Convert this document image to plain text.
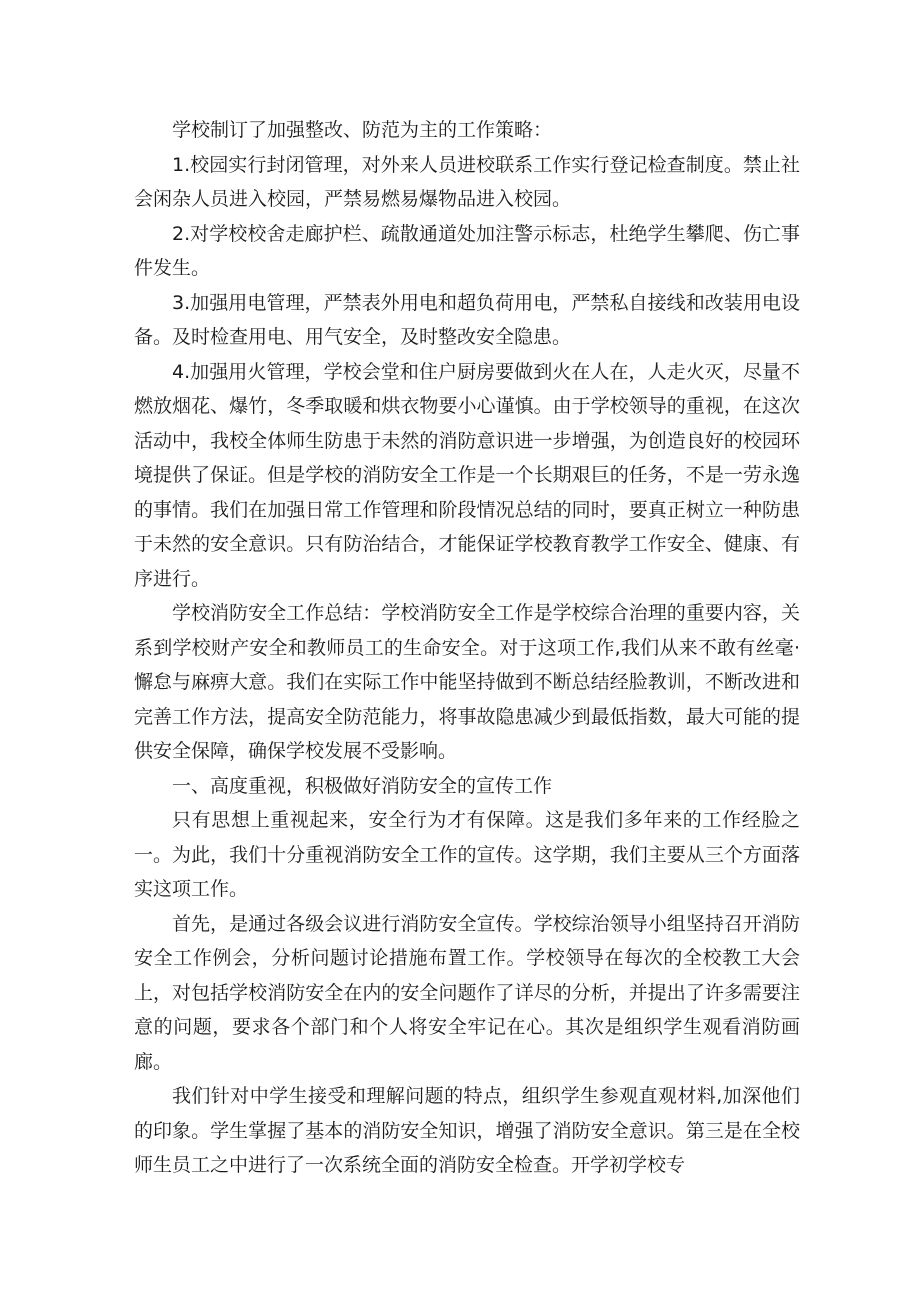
学校制订了加强整改、防范为主的工作策略：

1.校园实行封闭管理，对外来人员进校联系工作实行登记检查制度。禁止社会闲杂人员进入校园，严禁易燃易爆物品进入校园。

2.对学校校舍走廊护栏、疏散通道处加注警示标志，杜绝学生攀爬、伤亡事件发生。

3.加强用电管理，严禁表外用电和超负荷用电，严禁私自接线和改装用电设备。及时检查用电、用气安全，及时整改安全隐患。

4.加强用火管理，学校会堂和住户厨房要做到火在人在，人走火灭，尽量不燃放烟花、爆竹，冬季取暖和烘衣物要小心谨慎。由于学校领导的重视，在这次活动中，我校全体师生防患于未然的消防意识进一步增强，为创造良好的校园环境提供了保证。但是学校的消防安全工作是一个长期艰巨的任务，不是一劳永逸的事情。我们在加强日常工作管理和阶段情况总结的同时，要真正树立一种防患于未然的安全意识。只有防治结合，才能保证学校教育教学工作安全、健康、有序进行。

学校消防安全工作总结：学校消防安全工作是学校综合治理的重要内容，关系到学校财产安全和教师员工的生命安全。对于这项工作,我们从来不敢有丝毫·懈怠与麻痹大意。我们在实际工作中能坚持做到不断总结经脸教训，不断改进和完善工作方法，提高安全防范能力，将事故隐患减少到最低指数，最大可能的提供安全保障，确保学校发展不受影响。

一、高度重视，积极做好消防安全的宣传工作

只有思想上重视起来，安全行为才有保障。这是我们多年来的工作经脸之一。为此，我们十分重视消防安全工作的宣传。这学期，我们主要从三个方面落实这项工作。

首先，是通过各级会议进行消防安全宣传。学校综治领导小组坚持召开消防安全工作例会，分析问题讨论措施布置工作。学校领导在每次的全校教工大会上，对包括学校消防安全在内的安全问题作了详尽的分析，并提出了许多需要注意的问题，要求各个部门和个人将安全牢记在心。其次是组织学生观看消防画廊。

我们针对中学生接受和理解问题的特点，组织学生参观直观材料,加深他们的印象。学生掌握了基本的消防安全知识，增强了消防安全意识。第三是在全校师生员工之中进行了一次系统全面的消防安全检查。开学初学校专
